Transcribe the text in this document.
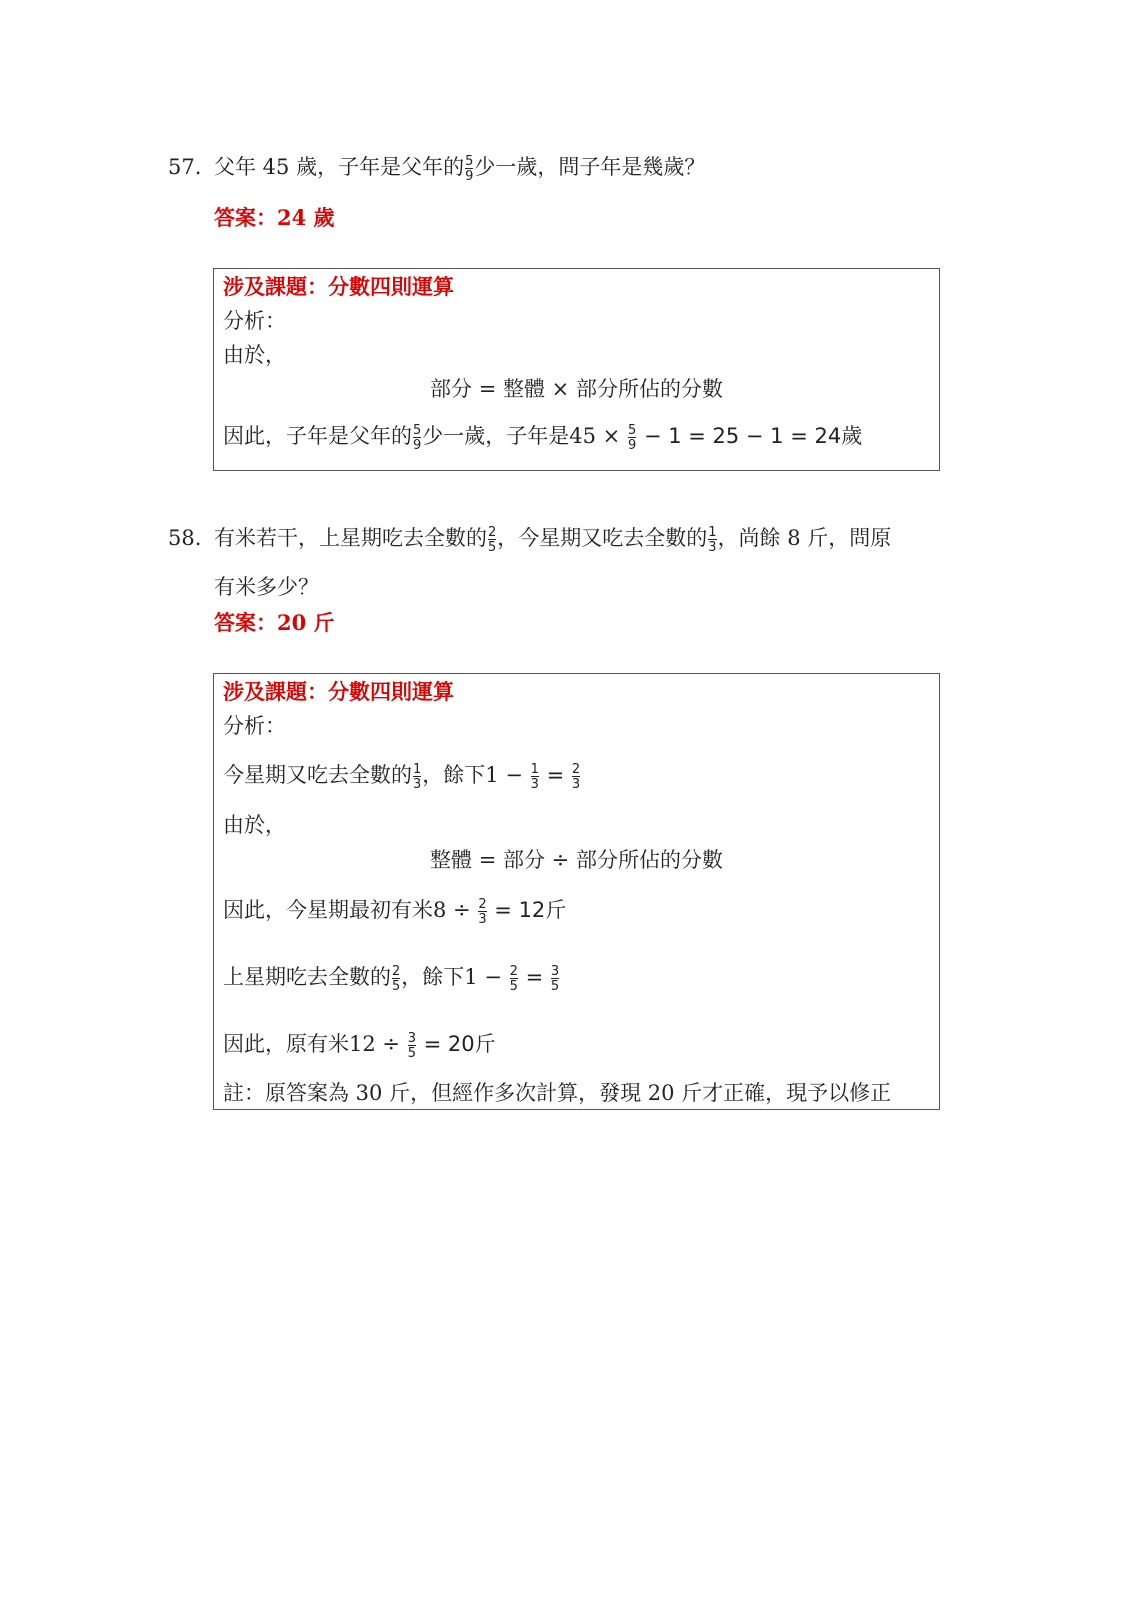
57. 父年 45 歲，子年是父年的 $\frac{5}{9}$ 少一歲，問子年是幾歲？
答案：24 歲
涉及課題：分數四則運算
分析：
由於，
部分 = 整體 × 部分所佔的分數
因此，子年是父年的 $\frac{5}{9}$ 少一歲，子年是$45 \times \frac{5}{9} - 1 = 25 - 1 = 24$歲
58. 有米若干，上星期吃去全數的 $\frac{2}{5}$ ，今星期又吃去全數的 $\frac{1}{3}$ ，尚餘 8 斤，問原
有米多少？
答案：20 斤
涉及課題：分數四則運算
分析：
今星期又吃去全數的 $\frac{1}{3}$ ，餘下$1 - \frac{1}{3} = \frac{2}{3}$
由於，
整體 = 部分 ÷ 部分所佔的分數
因此，今星期最初有米$8 \div \frac{2}{3} = 12$斤
上星期吃去全數的 $\frac{2}{5}$ ，餘下$1 - \frac{2}{5} = \frac{3}{5}$
因此，原有米$12 \div \frac{3}{5} = 20$斤
註：原答案為 30 斤，但經作多次計算，發現 20 斤才正確，現予以修正
